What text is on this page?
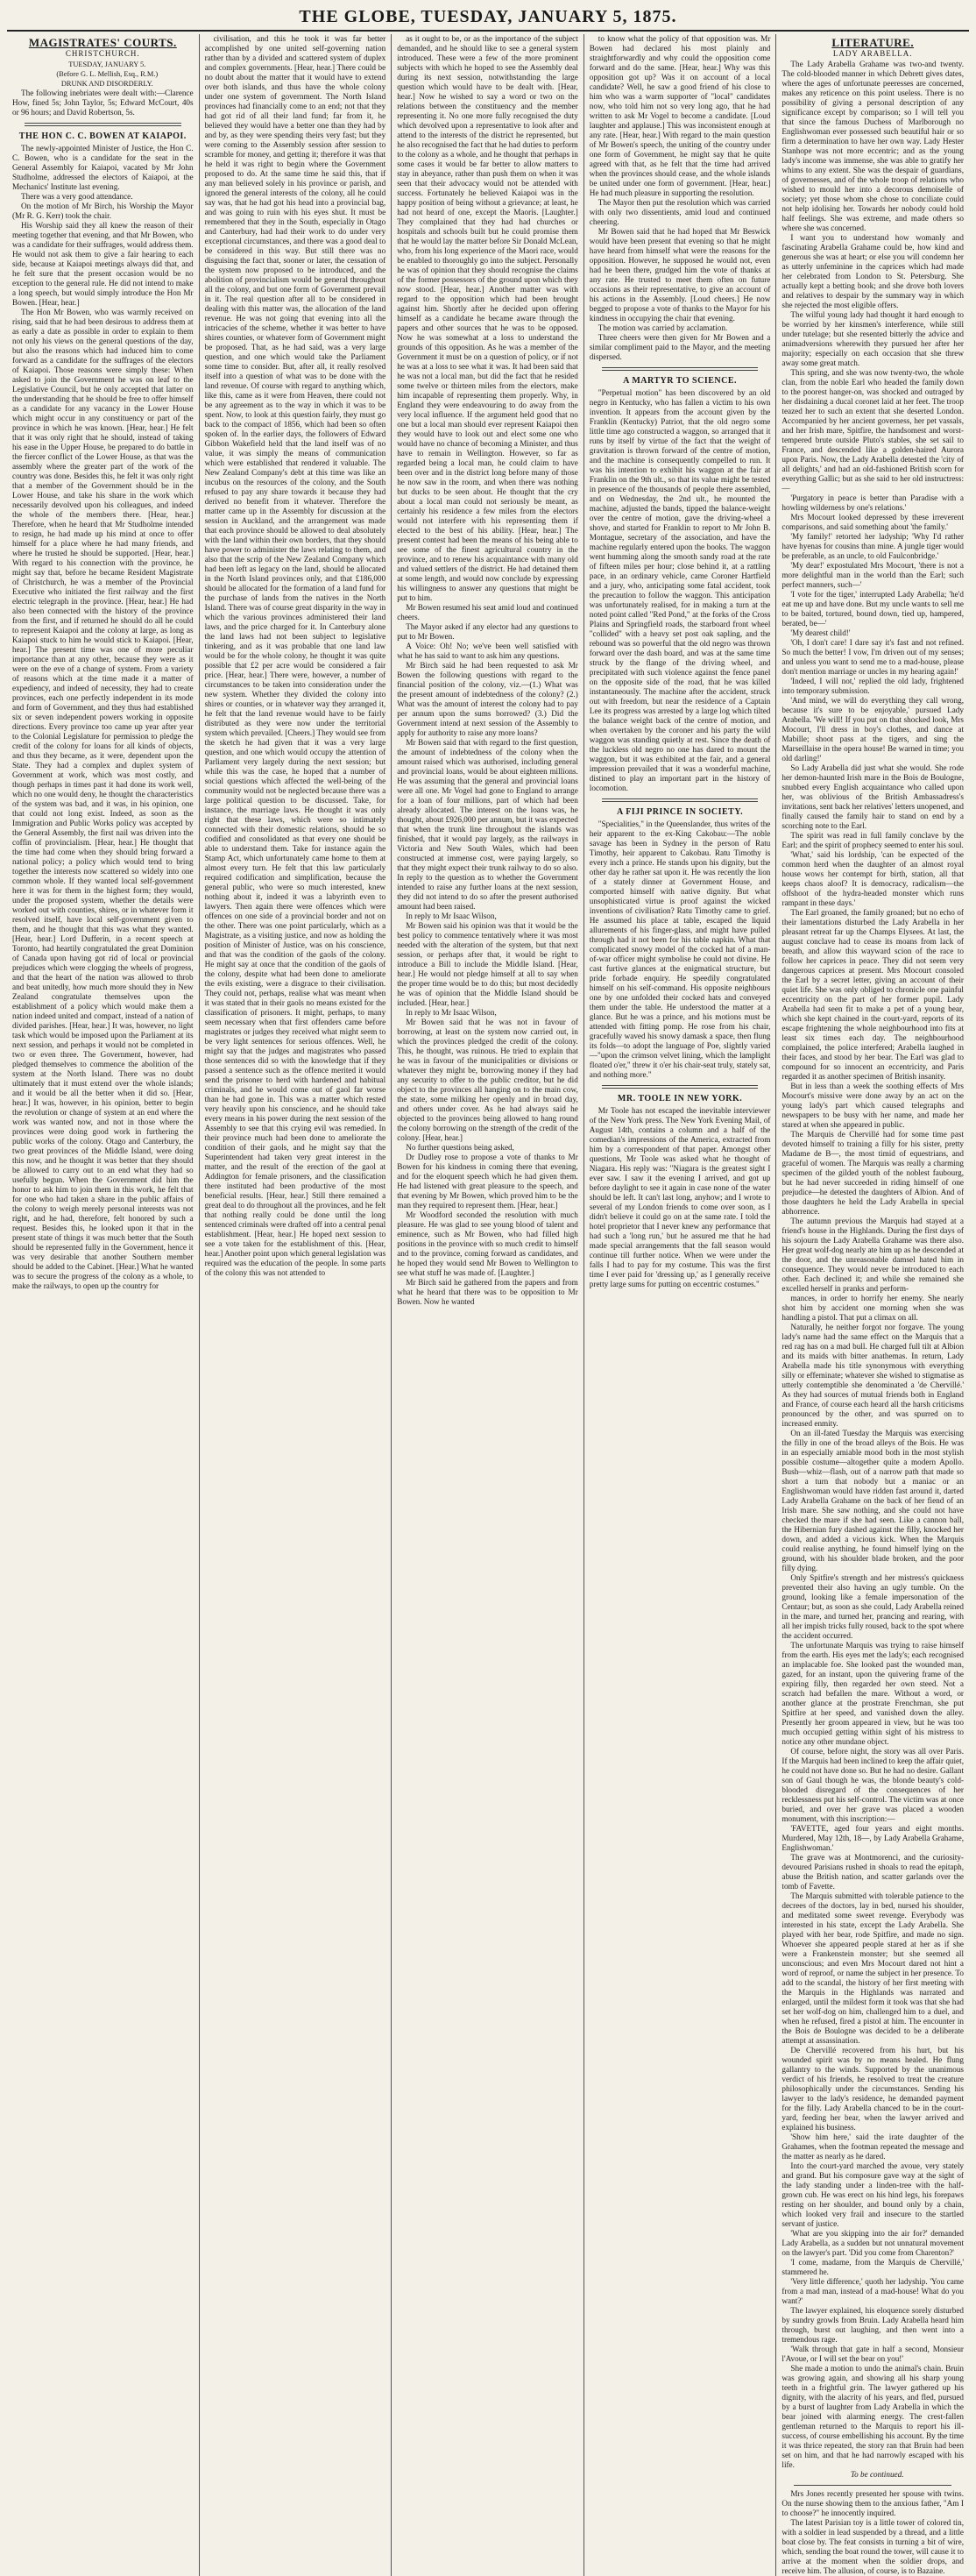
THE GLOBE, TUESDAY, JANUARY 5, 1875.
MAGISTRATES' COURTS.
CHRISTCHURCH.

TUESDAY, JANUARY 5.

(Before G. L. Mellish, Esq., R.M.)

DRUNK AND DISORDERLY.

The following inebriates were dealt with:—Clarence How, fined 5s; John Taylor, 5s; Edward McCourt, 40s or 96 hours; and David Robertson, 5s.

THE HON C. C. BOWEN AT KAIAPOI.

The newly-appointed Minister of Justice, the Hon C. C. Bowen, who is a candidate for the seat in the General Assembly for Kaiapoi, vacated by Mr John Studholme, addressed the electors of Kaiapoi, at the Mechanics' Institute last evening.

There was a very good attendance.

On the motion of Mr Birch, his Worship the Mayor (Mr R. G. Kerr) took the chair.

His Worship said they all knew the reason of their meeting together that evening, and that Mr Bowen, who was a candidate for their suffrages, would address them. He would not ask them to give a fair hearing to each side, because at Kaiapoi meetings always did that, and he felt sure that the present occasion would be no exception to the general rule. He did not intend to make a long speech, but would simply introduce the Hon Mr Bowen. [Hear, hear.]

The Hon Mr Bowen, who was warmly received on rising, said that he had been desirous to address them at as early a date as possible in order to explain to them not only his views on the general questions of the day, but also the reasons which had induced him to come forward as a candidate for the suffrages of the electors of Kaiapoi. Those reasons were simply these: When asked to join the Government he was on leaf to the Legislative Council, but he only accepted that latter on the understanding that he should be free to offer himself as a candidate for any vacancy in the Lower House which might occur in any constituency or part of the province in which he was known. [Hear, hear.] He felt that it was only right that he should, instead of taking his ease in the Upper House, be prepared to do battle in the fiercer conflict of the Lower House, as that was the assembly where the greater part of the work of the country was done. Besides this, he felt it was only right that a member of the Government should be in the Lower House, and take his share in the work which necessarily devolved upon his colleagues, and indeed the whole of the members there. [Hear, hear.] Therefore, when he heard that Mr Studholme intended to resign, he had made up his mind at once to offer himself for a place where he had many friends, and where he trusted he should be supported. [Hear, hear.] With regard to his connection with the province, he might say that, before he became Resident Magistrate of Christchurch, he was a member of the Provincial Executive who initiated the first railway and the first electric telegraph in the province. [Hear, hear.] He had also been connected with the history of the province from the first, and if returned he should do all he could to represent Kaiapoi and the colony at large, as long as Kaiapoi stuck to him he would stick to Kaiapoi. [Hear, hear.] The present time was one of more peculiar importance than at any other, because they were as it were on the eve of a change of system. From a variety of reasons which at the time made it a matter of expediency, and indeed of necessity, they had to create provinces, each one perfectly independent in its mode and form of Government, and they thus had established six or seven independent powers working in opposite directions. Every province too came up year after year to the Colonial Legislature for permission to pledge the credit of the colony for loans for all kinds of objects, and thus they became, as it were, dependent upon the State. They had a complex and duplex system of Government at work, which was most costly, and though perhaps in times past it had done its work well, which no one would deny, he thought the characteristics of the system was bad, and it was, in his opinion, one that could not long exist. Indeed, as soon as the Immigration and Public Works policy was accepted by the General Assembly, the first nail was driven into the coffin of provincialism. [Hear, hear.] He thought that the time had come when they should bring forward a national policy; a policy which would tend to bring together the interests now scattered so widely into one common whole. If they wanted local self-government here it was for them in the highest form; they would, under the proposed system, whether the details were worked out with counties, shires, or in whatever form it resolved itself, have local self-government given to them, and he thought that this was what they wanted. [Hear, hear.] Lord Dufferin, in a recent speech at Toronto, had heartily congratulated the great Dominion of Canada upon having got rid of local or provincial prejudices which were clogging the wheels of progress, and that the heart of the nation was allowed to throb and beat unitedly, how much more should they in New Zealand congratulate themselves upon the establishment of a policy which would make them a nation indeed united and compact, instead of a nation of divided parishes. [Hear, hear.] It was, however, no light task which would be imposed upon the Parliament at its next session, and perhaps it would not be completed in two or even three. The Government, however, had pledged themselves to commence the abolition of the system at the North Island. There was no doubt ultimately that it must extend over the whole islands; and it would be all the better when it did so. [Hear, hear.] It was, however, in his opinion, better to begin the revolution or change of system at an end where the work was wanted now, and not in those where the provinces were doing good work in furthering the public works of the colony. Otago and Canterbury, the two great provinces of the Middle Island, were doing this now, and he thought it was better that they should be allowed to carry out to an end what they had so usefully begun. When the Government did him the honor to ask him to join them in this work, he felt that for one who had taken a share in the public affairs of the colony to weigh merely personal interests was not right, and he had, therefore, felt honored by such a request. Besides this, he looked upon it that in the present state of things it was much better that the South should be represented fully in the Government, hence it was very desirable that another Southern member should be added to the Cabinet. [Hear.] What he wanted was to secure the progress of the colony as a whole, to make the railways, to open up the country for

civilisation, and this he took it was far better accomplished by one united self-governing nation rather than by a divided and scattered system of duplex and complex governments. [Hear, hear.] There could be no doubt about the matter that it would have to extend over both islands, and thus have the whole colony under one system of government. The North Island provinces had financially come to an end; not that they had got rid of all their land fund; far from it, he believed they would have a better one than they had by and by, as they were spending theirs very fast; but they were coming to the Assembly session after session to scramble for money, and getting it; therefore it was that he held it was right to begin where the Government proposed to do. At the same time he said this, that if any man believed solely in his province or parish, and ignored the general interests of the colony, all he could say was, that he had got his head into a provincial bag, and was going to ruin with his eyes shut. It must be remembered that they in the South, especially in Otago and Canterbury, had had their work to do under very exceptional circumstances, and there was a good deal to be considered in this way. But still there was no disguising the fact that, sooner or later, the cessation of the system now proposed to be introduced, and the abolition of provincialism would be general throughout all the colony, and but one form of Government prevail in it. The real question after all to be considered in dealing with this matter was, the allocation of the land revenue. He was not going that evening into all the intricacies of the scheme, whether it was better to have shires counties, or whatever form of Government might be proposed. That, as he had said, was a very large question, and one which would take the Parliament some time to consider. But, after all, it really resolved itself into a question of what was to be done with the land revenue. Of course with regard to anything which, like this, came as it were from Heaven, there could not be any agreement as to the way in which it was to be spent. Now, to look at this question fairly, they must go back to the compact of 1856, which had been so often spoken of. In the earlier days, the followers of Edward Gibbon Wakefield held that the land itself was of no value, it was simply the means of communication which were established that rendered it valuable. The New Zealand Company's debt at this time was like an incubus on the resources of the colony, and the South refused to pay any share towards it because they had derived no benefit from it whatever. Therefore the matter came up in the Assembly for discussion at the session in Auckland, and the arrangement was made that each province should be allowed to deal absolutely with the land within their own borders, that they should have power to administer the laws relating to them, and also that the scrip of the New Zealand Company which had been left as legacy on the land, should be allocated in the North Island provinces only, and that £186,000 should be allocated for the formation of a land fund for the purchase of lands from the natives in the North Island. There was of course great disparity in the way in which the various provinces administered their land laws, and the price charged for it. In Canterbury alone the land laws had not been subject to legislative tinkering, and as it was probable that one land law would be for the whole colony, he thought it was quite possible that £2 per acre would be considered a fair price. [Hear, hear.] There were, however, a number of circumstances to be taken into consideration under the new system. Whether they divided the colony into shires or counties, or in whatever way they arranged it, he felt that the land revenue would have to be fairly distributed as they were now under the territorial system which prevailed. [Cheers.] They would see from the sketch he had given that it was a very large question, and one which would occupy the attention of Parliament very largely during the next session; but while this was the case, he hoped that a number of social questions which affected the well-being of the community would not be neglected because there was a large political question to be discussed. Take, for instance, the marriage laws. He thought it was only right that these laws, which were so intimately connected with their domestic relations, should be so codified and consolidated as that every one should be able to understand them. Take for instance again the Stamp Act, which unfortunately came home to them at almost every turn. He felt that this law particularly required codification and simplification, because the general public, who were so much interested, knew nothing about it, indeed it was a labyrinth even to lawyers. Then again there were offences which were offences on one side of a provincial border and not on the other. There was one point particularly, which as a Magistrate, as a visiting justice, and now as holding the position of Minister of Justice, was on his conscience, and that was the condition of the gaols of the colony. He might say at once that the condition of the gaols of the colony, despite what had been done to ameliorate the evils existing, were a disgrace to their civilisation. They could not, perhaps, realise what was meant when it was stated that in their gaols no means existed for the classification of prisoners. It might, perhaps, to many seem necessary when that first offenders came before magistrates or judges they received what might seem to be very light sentences for serious offences. Well, he might say that the judges and magistrates who passed those sentences did so with the knowledge that if they passed a sentence such as the offence merited it would send the prisoner to herd with hardened and habitual criminals, and he would come out of gaol far worse than he had gone in. This was a matter which rested very heavily upon his conscience, and he should take every means in his power during the next session of the Assembly to see that this crying evil was remedied. In their province much had been done to ameliorate the condition of their gaols, and he might say that the Superintendent had taken very great interest in the matter, and the result of the erection of the gaol at Addington for female prisoners, and the classification there instituted had been productive of the most beneficial results. [Hear, hear.] Still there remained a great deal to do throughout all the provinces, and he felt that nothing really could be done until the long sentenced criminals were drafted off into a central penal establishment. [Hear, hear.] He hoped next session to see a vote taken for the establishment of this. [Hear, hear.] Another point upon which general legislation was required was the education of the people. In some parts of the colony this was not attended to

as it ought to be, or as the importance of the subject demanded, and he should like to see a general system introduced. These were a few of the more prominent subjects with which he hoped to see the Assembly deal during its next session, notwithstanding the large question which would have to be dealt with. [Hear, hear.] Now he wished to say a word or two on the relations between the constituency and the member representing it. No one more fully recognised the duty which devolved upon a representative to look after and attend to the interests of the district he represented, but he also recognised the fact that he had duties to perform to the colony as a whole, and he thought that perhaps in some cases it would be far better to allow matters to stay in abeyance, rather than push them on when it was seen that their advocacy would not be attended with success. Fortunately he believed Kaiapoi was in the happy position of being without a grievance; at least, he had not heard of one, except the Maoris. [Laughter.] They complained that they had had churches or hospitals and schools built but he could promise them that he would lay the matter before Sir Donald McLean, who, from his long experience of the Maori race, would be enabled to thoroughly go into the subject. Personally he was of opinion that they should recognise the claims of the former possessors of the ground upon which they now stood. [Hear, hear.] Another matter was with regard to the opposition which had been brought against him. Shortly after he decided upon offering himself as a candidate he became aware through the papers and other sources that he was to be opposed. Now he was somewhat at a loss to understand the grounds of this opposition. As he was a member of the Government it must be on a question of policy, or if not he was at a loss to see what it was. It had been said that he was not a local man, but did the fact that he resided some twelve or thirteen miles from the electors, make him incapable of representing them properly. Why, in England they were endeavouring to do away from the very local influence. If the argument held good that no one but a local man should ever represent Kaiapoi then they would have to look out and elect some one who would have no chance of becoming a Minister, and thus have to remain in Wellington. However, so far as regarded being a local man, he could claim to have been over and in the district long before many of those he now saw in the room, and when there was nothing but ducks to be seen about. He thought that the cry about a local man could not seriously be meant, as certainly his residence a few miles from the electors would not interfere with his representing them if elected to the best of his ability. [Hear, hear.] The present contest had been the means of his being able to see some of the finest agricultural country in the province, and to renew his acquaintance with many old and valued settlers of the district. He had detained them at some length, and would now conclude by expressing his willingness to answer any questions that might be put to him.

Mr Bowen resumed his seat amid loud and continued cheers.

The Mayor asked if any elector had any questions to put to Mr Bowen.

A Voice: Oh! No; we've been well satisfied with what he has said to want to ask him any questions.

Mr Birch said he had been requested to ask Mr Bowen the following questions with regard to the financial position of the colony, viz.—(1.) What was the present amount of indebtedness of the colony? (2.) What was the amount of interest the colony had to pay per annum upon the sums borrowed? (3.) Did the Government intend at next session of the Assembly to apply for authority to raise any more loans?

Mr Bowen said that with regard to the first question, the amount of indebtedness of the colony when the amount raised which was authorised, including general and provincial loans, would be about eighteen millions. He was assuming that the general and provincial loans were all one. Mr Vogel had gone to England to arrange for a loan of four millions, part of which had been already allocated. The interest on the loans was, he thought, about £926,000 per annum, but it was expected that when the trunk line throughout the islands was finished, that it would pay largely, as the railways in Victoria and New South Wales, which had been constructed at immense cost, were paying largely, so that they might expect their trunk railway to do so also. In reply to the question as to whether the Government intended to raise any further loans at the next session, they did not intend to do so after the present authorised amount had been raised.

In reply to Mr Isaac Wilson,

Mr Bowen said his opinion was that it would be the best policy to commence tentatively where it was most needed with the alteration of the system, but that next session, or perhaps after that, it would be right to introduce a Bill to include the Middle Island. [Hear, hear.] He would not pledge himself at all to say when the proper time would be to do this; but most decidedly he was of opinion that the Middle Island should be included. [Hear, hear.]

In reply to Mr Isaac Wilson,

Mr Bowen said that he was not in favour of borrowing, at least on the system now carried out, in which the provinces pledged the credit of the colony. This, he thought, was ruinous. He tried to explain that he was in favour of the municipalities or divisions or whatever they might be, borrowing money if they had any security to offer to the public creditor, but he did object to the provinces all hanging on to the main cow, the state, some milking her openly and in broad day, and others under cover. As he had always said he objected to the provinces being allowed to hang round the colony borrowing on the strength of the credit of the colony. [Hear, hear.]

No further questions being asked,

Dr Dudley rose to propose a vote of thanks to Mr Bowen for his kindness in coming there that evening, and for the eloquent speech which he had given them. He had listened with great pleasure to the speech, and that evening by Mr Bowen, which proved him to be the man they required to represent them. [Hear, hear.]

Mr Woodford seconded the resolution with much pleasure. He was glad to see young blood of talent and eminence, such as Mr Bowen, who had filled high positions in the province with so much credit to himself and to the province, coming forward as candidates, and he hoped they would send Mr Bowen to Wellington to see what stuff he was made of. [Laughter.]

Mr Birch said he gathered from the papers and from what he heard that there was to be opposition to Mr Bowen. Now he wanted

to know what the policy of that opposition was. Mr Bowen had declared his most plainly and straightforwardly and why could the opposition come forward and do the same. [Hear, hear.] Why was this opposition got up? Was it on account of a local candidate? Well, he saw a good friend of his close to him who was a warm supporter of "local" candidates now, who told him not so very long ago, that he had written to ask Mr Vogel to become a candidate. [Loud laughter and applause.] This was inconsistent enough at any rate. [Hear, hear.] With regard to the main question of Mr Bowen's speech, the uniting of the country under one form of Government, he might say that he quite agreed with that, as he felt that the time had arrived when the provinces should cease, and the whole islands be united under one form of government. [Hear, hear.] He had much pleasure in supporting the resolution.

The Mayor then put the resolution which was carried with only two dissentients, amid loud and continued cheering.

Mr Bowen said that he had hoped that Mr Beswick would have been present that evening so that he might have heard from himself what were the reasons for the opposition. However, he supposed he would not, even had he been there, grudged him the vote of thanks at any rate. He trusted to meet them often on future occasions as their representative, to give an account of his actions in the Assembly. [Loud cheers.] He now begged to propose a vote of thanks to the Mayor for his kindness in occupying the chair that evening.

The motion was carried by acclamation.

Three cheers were then given for Mr Bowen and a similar compliment paid to the Mayor, and the meeting dispersed.

A MARTYR TO SCIENCE.

"Perpetual motion" has been discovered by an old negro in Kentucky, who has fallen a victim to his own invention. It appears from the account given by the Franklin (Kentucky) Patriot, that the old negro some little time ago constructed a waggon, so arranged that it runs by itself by virtue of the fact that the weight of gravitation is thrown forward of the centre of motion, and the machine is consequently compelled to run. It was his intention to exhibit his waggon at the fair at Franklin on the 9th ult., so that its value might be tested in presence of the thousands of people there assembled, and on Wednesday, the 2nd ult., he mounted the machine, adjusted the bands, tipped the balance-weight over the centre of motion, gave the driving-wheel a shove, and started for Franklin to report to Mr John B. Montague, secretary of the association, and have the machine regularly entered upon the books. The waggon went humming along the smooth sandy road at the rate of fifteen miles per hour; close behind it, at a rattling pace, in an ordinary vehicle, came Coroner Hartfield and a jury, who, anticipating some fatal accident, took the precaution to follow the waggon. This anticipation was unfortunately realised, for in making a turn at the noted point called "Red Pond," at the forks of the Cross Plains and Springfield roads, the starboard front wheel "collided" with a heavy set post oak sapling, and the rebound was so powerful that the old negro was thrown forward over the dash board, and was at the same time struck by the flange of the driving wheel, and precipitated with such violence against the fence panel on the opposite side of the road, that he was killed instantaneously. The machine after the accident, struck out with freedom, but near the residence of a Captain Lee its progress was arrested by a large log which tilted the balance weight back of the centre of motion, and when overtaken by the coroner and his party the wild waggon was standing quietly at rest. Since the death of the luckless old negro no one has dared to mount the waggon, but it was exhibited at the fair, and a general impression prevailed that it was a wonderful machine, distined to play an important part in the history of locomotion.

A FIJI PRINCE IN SOCIETY.

"Specialities," in the Queenslander, thus writes of the heir apparent to the ex-King Cakobau:—The noble savage has been in Sydney in the person of Ratu Timothy, heir apparent to Cakobau. Ratu Timothy is every inch a prince. He stands upon his dignity, but the other day he rather sat upon it. He was recently the lion of a stately dinner at Government House, and comported himself with native dignity. But what unsophisticated virtue is proof against the wicked inventions of civilisation? Ratu Timothy came to grief. He assumed his place at table, escaped the liquid allurements of his finger-glass, and might have pulled through had it not been for his table napkin. What that complicated snowy model of the cocked hat of a man-of-war officer might symbolise he could not divine. He cast furtive glances at the enigmatical structure, but pride forbade enquiry. He speedily congratulated himself on his self-command. His opposite neighbours one by one unfolded their cocked hats and conveyed them under the table. He understood the matter at a glance. But he was a prince, and his motions must be attended with fitting pomp. He rose from his chair, gracefully waved his snowy damask a space, then flung its folds—to adopt the language of Poe, slightly varied—"upon the crimson velvet lining, which the lamplight floated o'er," threw it o'er his chair-seat truly, stately sat, and nothing more."

MR. TOOLE IN NEW YORK.

Mr Toole has not escaped the inevitable interviewer of the New York press. The New York Evening Mail, of August 14th, contains a column and a half of the comedian's impressions of the America, extracted from him by a correspondent of that paper. Amongst other questions, Mr Toole was asked what he thought of Niagara. His reply was: "Niagara is the greatest sight I ever saw. I saw it the evening I arrived, and got up before daylight to see it again in case none of the water should be left. It can't last long, anyhow; and I wrote to several of my London friends to come over soon, as I didn't believe it could go on at the same rate. I told the hotel proprietor that I never knew any performance that had such a 'long run,' but he assured me that he had made special arrangements that the fall season would continue till further notice. When we were under the falls I had to pay for my costume. This was the first time I ever paid for 'dressing up,' as I generally receive pretty large sums for putting on eccentric costumes."

LITERATURE.
LADY ARABELLA.

The Lady Arabella Grahame was two-and twenty. The cold-blooded manner in which Debrett gives dates, where the ages of unfortunate peeresses are concerned, makes any reticence on this point useless. There is no possibility of giving a personal description of any significance except by comparison; so I will tell you that since the famous Duchess of Marlborough no Englishwoman ever possessed such beautiful hair or so firm a determination to have her own way. Lady Hester Stanhope was not more eccentric; and as the young lady's income was immense, she was able to gratify her whims to any extent. She was the despair of guardians, of governesses, and of the whole troop of relations who wished to mould her into a decorous demoiselle of society; yet those whom she chose to conciliate could not help idolising her. Towards her nobody could hold half feelings. She was extreme, and made others so where she was concerned.

I want you to understand how womanly and fascinating Arabella Grahame could be, how kind and generous she was at heart; or else you will condemn her as utterly unfeminine in the caprices which had made her celebrated from London to St. Petersburg. She actually kept a betting book; and she drove both lovers and relatives to despair by the summary way in which she rejected the most eligible offers.

The wilful young lady had thought it hard enough to be worried by her kinsmen's interference, while still under tutelage; but she resented bitterly the advice and animadversions wherewith they pursued her after her majority; especially on each occasion that she threw away some great match.

This spring, and she was now twenty-two, the whole clan, from the noble Earl who headed the family down to the poorest hanger-on, was shocked and outraged by her disdaining a ducal coronet laid at her feet. The troop teazed her to such an extent that she deserted London. Accompanied by her ancient governess, her pet vassals, and her Irish mare, Spitfire, the handsomest and worst-tempered brute outside Pluto's stables, she set sail to France, and descended like a golden-haired Aurora upon Paris. Now, the Lady Arabella detested the 'city of all delights,' and had an old-fashioned British scorn for everything Gallic; but as she said to her old instructress:—

'Purgatory in peace is better than Paradise with a howling wilderness by one's relations.'

Mrs Mocourt looked depressed by these irreverent comparisons, and said something about 'the family.'

'My family!' retorted her ladyship; 'Why I'd rather have hyenas for cousins than mine. A jungle tiger would be preferable, as an uncle, to old Faulconbridge.'

'My dear!' expostulated Mrs Mocourt, 'there is not a more delightful man in the world than the Earl; such perfect manners, such—'

'I vote for the tiger,' interrupted Lady Arabella; 'he'd eat me up and have done. But my uncle wants to sell me to be baited, tortured, bound down, tied up, hampered, berated, be—'

'My dearest child!'

'Oh, I don't care! I dare say it's fast and not refined. So much the better! I vow, I'm driven out of my senses; and unless you want to send me to a mad-house, please don't mention marriage or uncles in my hearing again!'

'Indeed, I will not,' replied the old lady, frightened into temporary submission.

'And mind, we will do everything they call wrong, because it's sure to be enjoyable,' pursued Lady Arabella. 'We will! If you put on that shocked look, Mrs Mocourt, I'll dress in boy's clothes, and dance at Mabille; shoot pass at the tigers, and sing the Marseillaise in the opera house! Be warned in time; you old darling!'

So Lady Arabella did just what she would. She rode her demon-haunted Irish mare in the Bois de Boulogne, snubbed every English acquaintance who called upon her, was oblivious of the British Ambassadress's invitations, sent back her relatives' letters unopened, and finally caused the family hair to stand on end by a scorching note to the Earl.

The spirit was read in full family conclave by the Earl; and the spirit of prophecy seemed to enter his soul.

'What,' said his lordship, 'can be expected of the common herd when the daughter of an almost royal house wows her contempt for birth, station, all that keeps chaos aloof? It is democracy, radicalism—the offshoot of the hydra-headed monster which runs rampant in these days.'

The Earl groaned, the family groaned; but no echo of their lamentations disturbed the Lady Arabella in her pleasant retreat far up the Champs Elysees. At last, the august conclave had to cease its moans from lack of breath, and allow this wayward scion of the race to follow her caprices in peace. They did not seem very dangerous caprices at present. Mrs Mocourt consoled the Earl by a secret letter, giving an account of their quiet life. She was only obliged to chronicle one painful eccentricity on the part of her former pupil. Lady Arabella had seen fit to make a pet of a young bear, which she kept chained in the court-yard, reports of its escape frightening the whole neighbourhood into fits at least six times each day. The neighbourhood complained, the police interfered; Arabella laughed in their faces, and stood by her bear. The Earl was glad to compound for so innocent an eccentricity, and Paris regarded it as another specimen of British insanity.

But in less than a week the soothing effects of Mrs Mocourt's missive were done away by an act on the young lady's part which caused telegraphs and newspapers to be busy with her name, and made her stared at when she appeared in public.

The Marquis de Chervillé had for some time past devoted himself to training a filly for his sister, pretty Madame de B—, the most timid of equestrians, and graceful of women. The Marquis was really a charming specimen of the gilded youth of the noblest faubourg, but he had never succeeded in riding himself of one prejudice—he detested the daughters of Albion. And of those daughters he held the Lady Arabella in special abhorrence.

The autumn previous the Marquis had stayed at a friend's house in the Highlands. During the first days of his sojourn the Lady Arabella Grahame was there also. Her great wolf-dog nearly ate him up as he descended at the door, and the unreasonable damsel hated him in consequence. They would never be introduced to each other. Each declined it; and while she remained she excelled herself in pranks and perform-

mances, in order to horrify her enemy. She nearly shot him by accident one morning when she was handling a pistol. That put a climax on all.

Naturally, he neither forgot nor forgave. The young lady's name had the same effect on the Marquis that a red rag has on a mad bull. He charged full tilt at Albion and its maids with bitter anathemas. In return, Lady Arabella made his title synonymous with everything silly or effeminate; whatever she wished to stigmatise as utterly contemptible she denominated a 'de Chervillé.' As they had sources of mutual friends both in England and France, of course each heard all the harsh criticisms pronounced by the other, and was spurred on to increased enmity.

On an ill-fated Tuesday the Marquis was exercising the filly in one of the broad alleys of the Bois. He was in an especially amiable mood both in the most stylish possible costume—altogether quite a modern Apollo. Bush—whiz—flash, out of a narrow path that made so short a turn that nobody but a maniac or an Englishwoman would have ridden fast around it, darted Lady Arabella Grahame on the back of her fiend of an Irish mare. She saw nothing, and she could not have checked the mare if she had seen. Like a cannon ball, the Hibernian fury dashed against the filly, knocked her down, and added a vicious kick. When the Marquis could realise anything, he found himself lying on the ground, with his shoulder blade broken, and the poor filly dying.

Only Spitfire's strength and her mistress's quickness prevented their also having an ugly tumble. On the ground, looking like a female impersonation of the Centaur; but, as soon as she could, Lady Arabella reined in the mare, and turned her, prancing and rearing, with all her impish tricks fully roused, back to the spot where the accident occurred.

The unfortunate Marquis was trying to raise himself from the earth. His eyes met the lady's; each recognised an implacable foe. She looked past the wounded man, gazed, for an instant, upon the quivering frame of the expiring filly, then regarded her own steed. Not a scratch had befallen the mare. Without a word, or another glance at the prostrate Frenchman, she put Spitfire at her speed, and vanished down the alley. Presently her groom appeared in view, but he was too much occupied getting within sight of his mistress to notice any other mundane object.

Of course, before night, the story was all over Paris. If the Marquis had been inclined to keep the affair quiet, he could not have done so. But he had no desire. Gallant son of Gaul though he was, the blonde beauty's cold-blooded disregard of the consequences of her recklessness put his self-control. The victim was at once buried, and over her grave was placed a wooden monument, with this inscription:—

'FAVETTE, aged four years and eight months. Murdered, May 12th, 18—, by Lady Arabella Grahame, Englishwoman.'

The grave was at Montmorenci, and the curiosity-devoured Parisians rushed in shoals to read the epitaph, abuse the British nation, and scatter garlands over the tomb of Favette.

The Marquis submitted with tolerable patience to the decrees of the doctors, lay in bed, nursed his shoulder, and meditated some sweet revenge. Everybody was interested in his state, except the Lady Arabella. She played with her bear, rode Spitfire, and made no sign. Whoever she appeared people stared at her as if she were a Frankenstein monster; but she seemed all unconscious; and even Mrs Mocourt dared not hint a word of reproof, or name the subject in her presence. To add to the scandal, the history of her first meeting with the Marquis in the Highlands was narrated and enlarged, until the mildest form it took was that she had set her wolf-dog on him, challenged him to a duel, and when he refused, fired a pistol at him. The encounter in the Bois de Boulogne was decided to be a deliberate attempt at assassination.

De Chervillé recovered from his hurt, but his wounded spirit was by no means healed. He flung gallantry to the winds. Supported by the unanimous verdict of his friends, he resolved to treat the creature philosophically under the circumstances. Sending his lawyer to the lady's residence, he demanded payment for the filly. Lady Arabella chanced to be in the court-yard, feeding her bear, when the lawyer arrived and explained his business.

'Show him here,' said the irate daughter of the Grahames, when the footman repeated the message and the matter as nearly as he dared.

Into the court-yard marched the avoue, very stately and grand. But his composure gave way at the sight of the lady standing under a linden-tree with the half-grown cub. He was erect on his hind legs, his forepaws resting on her shoulder, and bound only by a chain, which looked very frail and insecure to the startled servant of justice.

'What are you skipping into the air for?' demanded Lady Arabella, as a sudden but not unnatural movement on the lawyer's part. 'Did you come from Charenton?'

'I come, madame, from the Marquis de Chervillé,' stammered he.

'Very little difference,' quoth her ladyship. 'You came from a mad man, instead of a mad-house! What do you want?'

The lawyer explained, his eloquence sorely disturbed by sundry growls from Bruin. Lady Arabella heard him through, burst out laughing, and then went into a tremendous rage.

'Walk through that gate in half a second, Monsieur l'Avoue, or I will set the bear on you!'

She made a motion to undo the animal's chain. Bruin was growing again, and showing all his sharp young teeth in a frightful grin. The lawyer gathered up his dignity, with the alacrity of his years, and fled, pursued by a burst of laughter from Lady Arabella in which the bear joined with alarming energy. The crest-fallen gentleman returned to the Marquis to report his ill-success, of course embellishing his account. By the time it was thrice repeated, the story ran that Bruin had been set on him, and that he had narrowly escaped with his life.

To be continued.

Mrs Jones recently presented her spouse with twins. On the nurse showing them to the anxious father, "Am I to choose?" he innocently inquired.

The latest Parisian toy is a little tower of colored tin, with a soldier in lead suspended by a thread, and a little boat close by. The feat consists in turning a bit of wire, which, sending the boat round the tower, will cause it to arrive at the moment when the soldier drops, and receive him. The allusion, of course, is to Bazaine.
